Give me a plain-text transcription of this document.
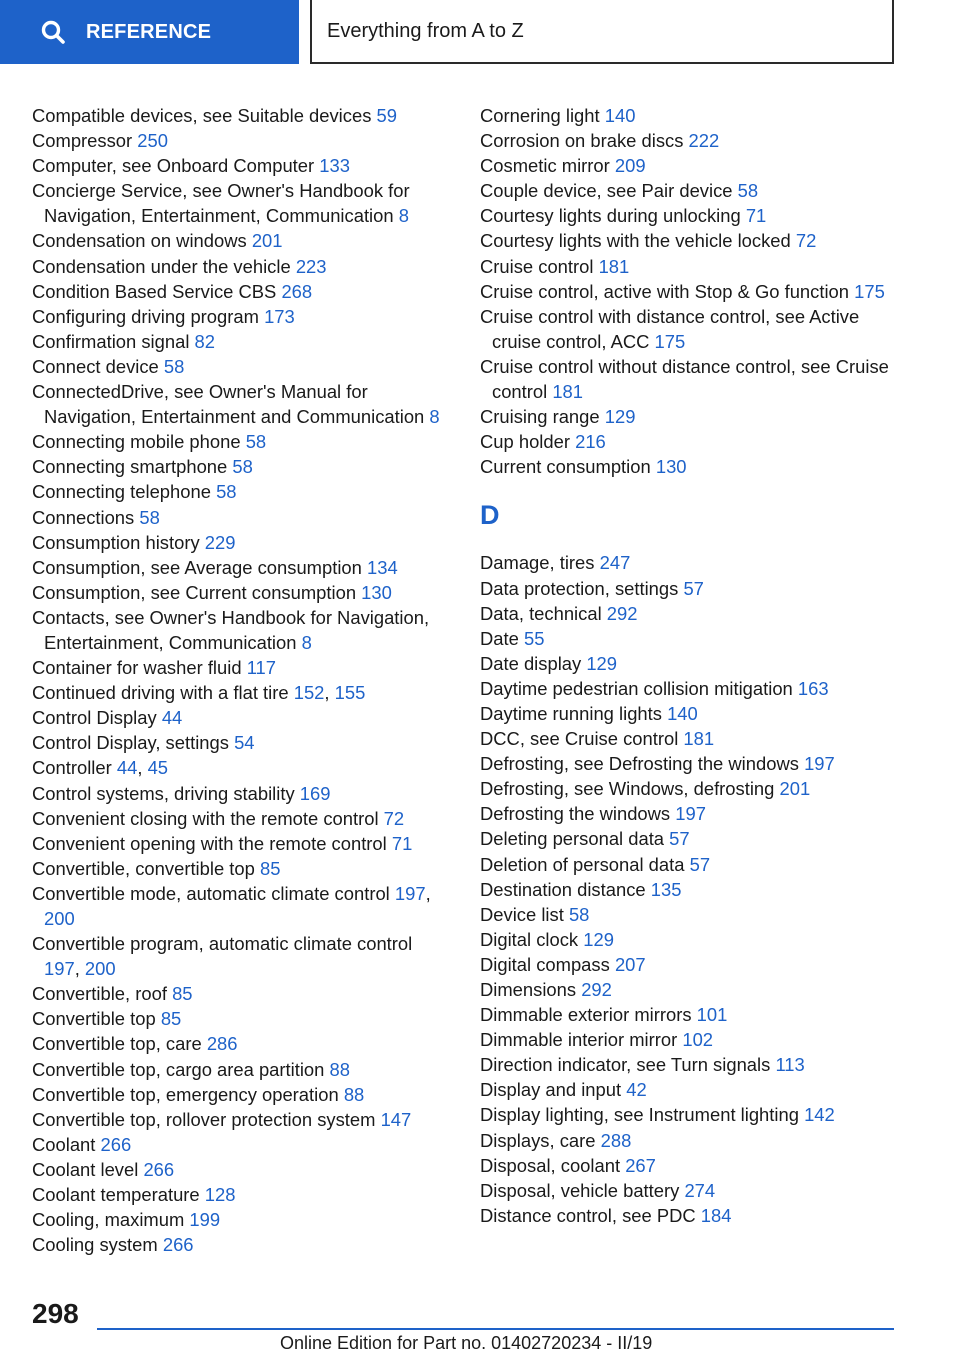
REFERENCE	Everything from A to Z

Compatible devices, see Suitable devices 59

Compressor 250

Computer, see Onboard Computer 133

Concierge Service, see Owner's Handbook for Navigation, Entertainment, Communication 8

Condensation on windows 201

Condensation under the vehicle 223

Condition Based Service CBS 268

Configuring driving program 173

Confirmation signal 82

Connect device 58

ConnectedDrive, see Owner's Manual for Navigation, Entertainment and Communication 8

Connecting mobile phone 58

Connecting smartphone 58

Connecting telephone 58

Connections 58

Consumption history 229

Consumption, see Average consumption 134

Consumption, see Current consumption 130

Contacts, see Owner's Handbook for Navigation, Entertainment, Communication 8

Container for washer fluid 117

Continued driving with a flat tire 152, 155

Control Display 44

Control Display, settings 54

Controller 44, 45

Control systems, driving stability 169

Convenient closing with the remote control 72

Convenient opening with the remote control 71

Convertible, convertible top 85

Convertible mode, automatic climate control 197, 200

Convertible program, automatic climate control 197, 200

Convertible, roof 85

Convertible top 85

Convertible top, care 286

Convertible top, cargo area partition 88

Convertible top, emergency operation 88

Convertible top, rollover protection system 147

Coolant 266

Coolant level 266

Coolant temperature 128

Cooling, maximum 199

Cooling system 266

Cornering light 140

Corrosion on brake discs 222

Cosmetic mirror 209

Couple device, see Pair device 58

Courtesy lights during unlocking 71

Courtesy lights with the vehicle locked 72

Cruise control 181

Cruise control, active with Stop & Go function 175

Cruise control with distance control, see Active cruise control, ACC 175

Cruise control without distance control, see Cruise control 181

Cruising range 129

Cup holder 216

Current consumption 130

D

Damage, tires 247

Data protection, settings 57

Data, technical 292

Date 55

Date display 129

Daytime pedestrian collision mitigation 163

Daytime running lights 140

DCC, see Cruise control 181

Defrosting, see Defrosting the windows 197

Defrosting, see Windows, defrosting 201

Defrosting the windows 197

Deleting personal data 57

Deletion of personal data 57

Destination distance 135

Device list 58

Digital clock 129

Digital compass 207

Dimensions 292

Dimmable exterior mirrors 101

Dimmable interior mirror 102

Direction indicator, see Turn signals 113

Display and input 42

Display lighting, see Instrument lighting 142

Displays, care 288

Disposal, coolant 267

Disposal, vehicle battery 274

Distance control, see PDC 184

298
Online Edition for Part no. 01402720234 - II/19
